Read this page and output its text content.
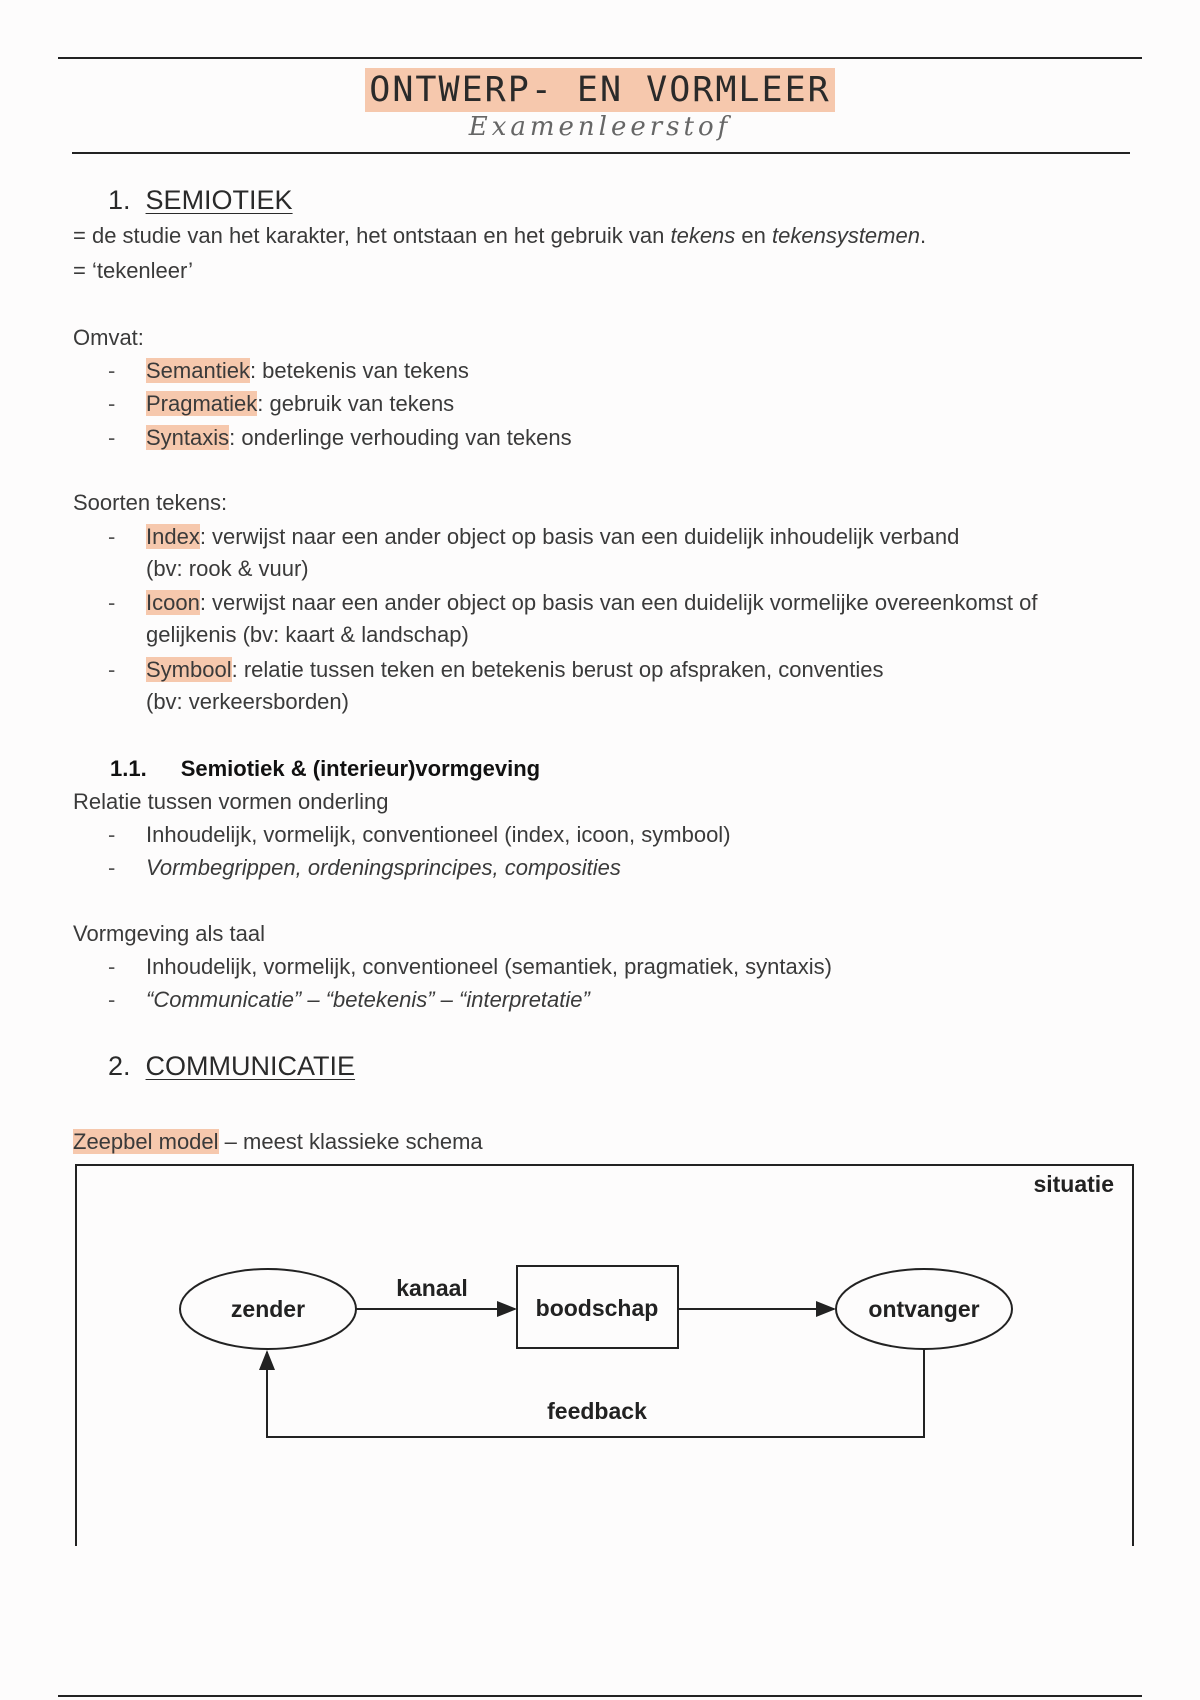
ONTWERP- EN VORMLEER
Examenleerstof
1. SEMIOTIEK
= de studie van het karakter, het ontstaan en het gebruik van tekens en tekensystemen.
= ‘tekenleer’
Omvat:
- Semantiek: betekenis van tekens
- Pragmatiek: gebruik van tekens
- Syntaxis: onderlinge verhouding van tekens
Soorten tekens:
- Index: verwijst naar een ander object op basis van een duidelijk inhoudelijk verband
(bv: rook & vuur)
- Icoon: verwijst naar een ander object op basis van een duidelijk vormelijke overeenkomst of
gelijkenis (bv: kaart & landschap)
- Symbool: relatie tussen teken en betekenis berust op afspraken, conventies
(bv: verkeersborden)
1.1. Semiotiek & (interieur)vormgeving
Relatie tussen vormen onderling
- Inhoudelijk, vormelijk, conventioneel (index, icoon, symbool)
- Vormbegrippen, ordeningsprincipes, composities
Vormgeving als taal
- Inhoudelijk, vormelijk, conventioneel (semantiek, pragmatiek, syntaxis)
- “Communicatie” – “betekenis” – “interpretatie”
2. COMMUNICATIE
Zeepbel model – meest klassieke schema
situatie
zender	boodschap	ontvanger
kanaal
feedback
